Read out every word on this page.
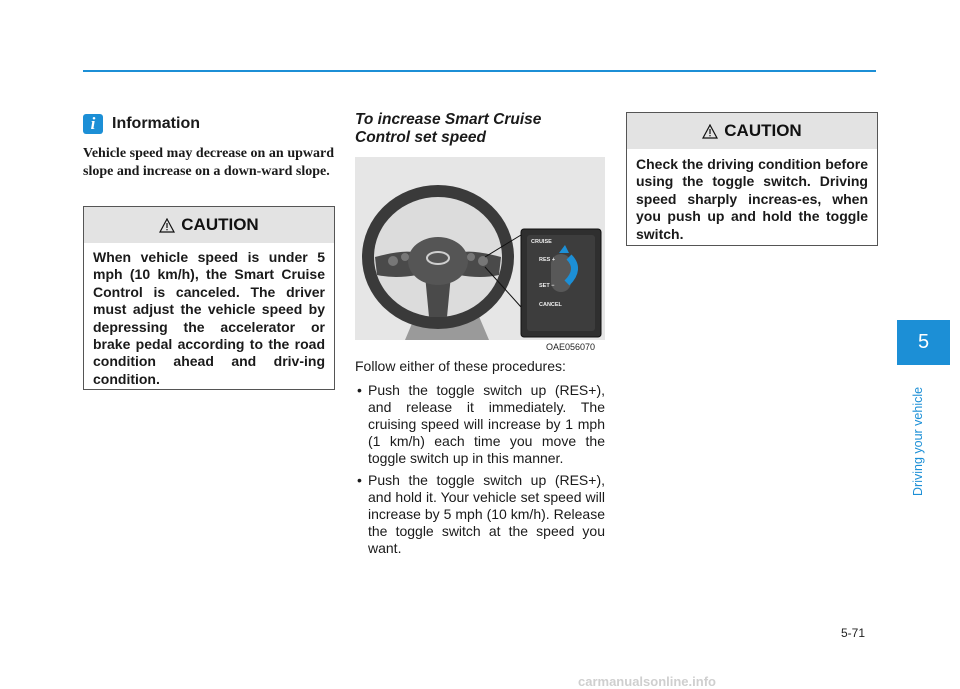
i	Information
Vehicle speed may decrease on an upward slope and increase on a down-ward slope.
CAUTION
When vehicle speed is under 5 mph (10 km/h), the Smart Cruise Control is canceled. The driver must adjust the vehicle speed by depressing the accelerator or brake pedal according to the road condition ahead and driv-ing condition.
To increase Smart Cruise
Control set speed
CRUISE
RES +
SET −
CANCEL
OAE056070

Follow either of these procedures:

• Push the toggle switch up (RES+), and release it immediately. The cruising speed will increase by 1 mph (1 km/h) each time you move the toggle switch up in this manner.
• Push the toggle switch up (RES+), and hold it. Your vehicle set speed will increase by 5 mph (10 km/h). Release the toggle switch at the speed you want.
CAUTION
Check the driving condition before using the toggle switch. Driving speed sharply increas-es, when you push up and hold the toggle switch.
5
Driving your vehicle
5-71
carmanualsonline.info
